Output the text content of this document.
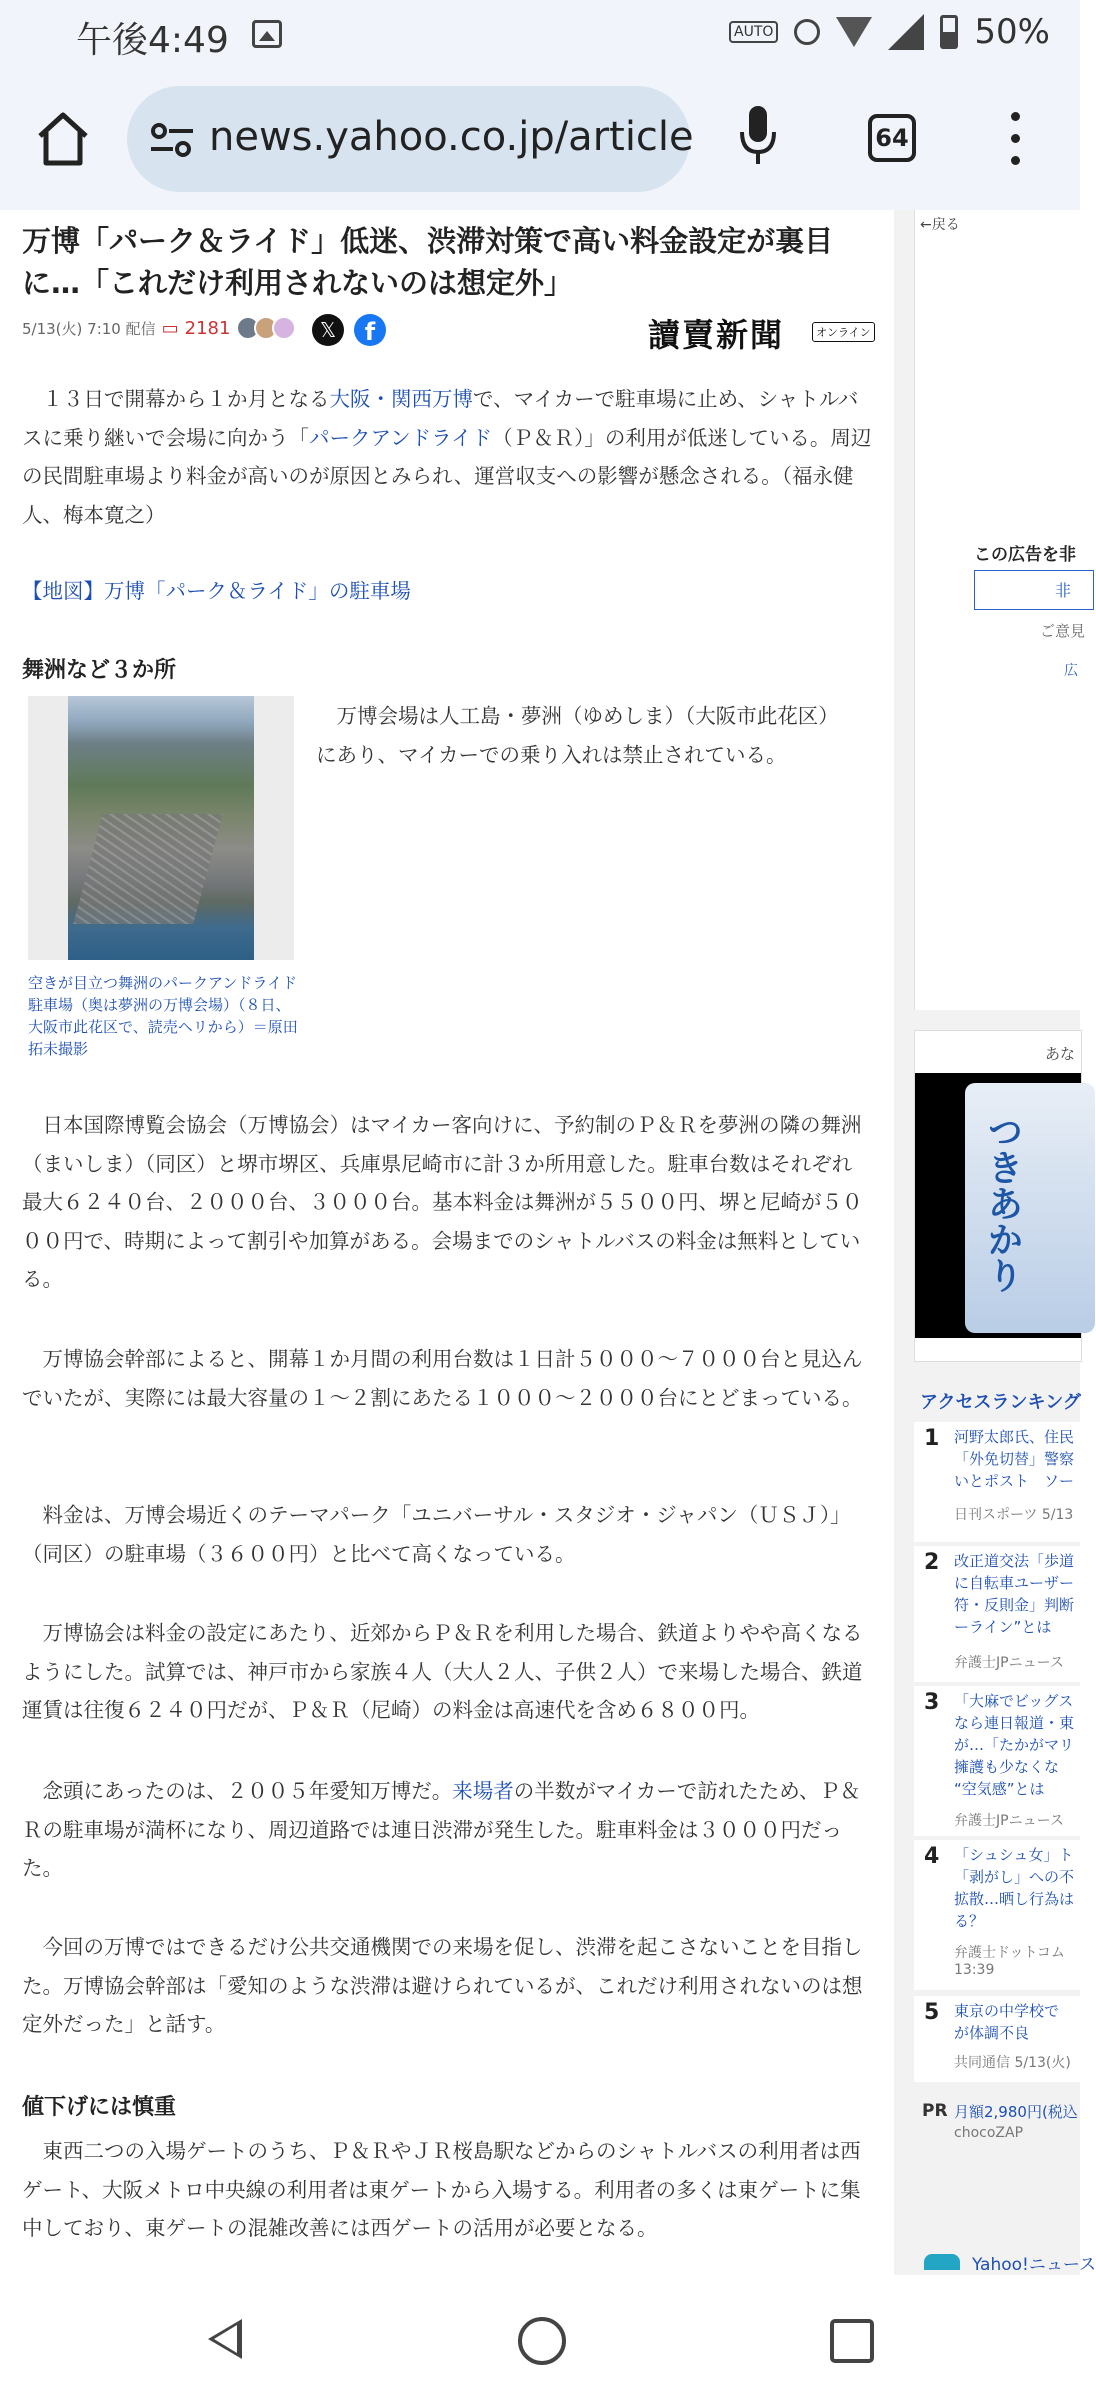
午後4:49	AUTO	50%
news.yahoo.co.jp/article	64
万博「パーク＆ライド」低迷、渋滞対策で高い料金設定が裏目に…「これだけ利用されないのは想定外」
5/13(火) 7:10 配信 ▭ 2181	𝕏	f	讀賣新聞	オンライン
１３日で開幕から１か月となる大阪・関西万博で、マイカーで駐車場に止め、シャトルバスに乗り継いで会場に向かう「パークアンドライド（Ｐ＆Ｒ）」の利用が低迷している。周辺の民間駐車場より料金が高いのが原因とみられ、運営収支への影響が懸念される。（福永健人、梅本寛之）
【地図】万博「パーク＆ライド」の駐車場
舞洲など３か所
万博会場は人工島・夢洲（ゆめしま）（大阪市此花区）にあり、マイカーでの乗り入れは禁止されている。
空きが目立つ舞洲のパークアンドライド駐車場（奥は夢洲の万博会場）（８日、大阪市此花区で、読売ヘリから）＝原田拓未撮影
日本国際博覧会協会（万博協会）はマイカー客向けに、予約制のＰ＆Ｒを夢洲の隣の舞洲（まいしま）（同区）と堺市堺区、兵庫県尼崎市に計３か所用意した。駐車台数はそれぞれ最大６２４０台、２０００台、３０００台。基本料金は舞洲が５５００円、堺と尼崎が５０００円で、時期によって割引や加算がある。会場までのシャトルバスの料金は無料としている。
万博協会幹部によると、開幕１か月間の利用台数は１日計５０００～７０００台と見込んでいたが、実際には最大容量の１～２割にあたる１０００～２０００台にとどまっている。
料金は、万博会場近くのテーマパーク「ユニバーサル・スタジオ・ジャパン（ＵＳＪ）」（同区）の駐車場（３６００円）と比べて高くなっている。
万博協会は料金の設定にあたり、近郊からＰ＆Ｒを利用した場合、鉄道よりやや高くなるようにした。試算では、神戸市から家族４人（大人２人、子供２人）で来場した場合、鉄道運賃は往復６２４０円だが、Ｐ＆Ｒ（尼崎）の料金は高速代を含め６８００円。
念頭にあったのは、２００５年愛知万博だ。来場者の半数がマイカーで訪れたため、Ｐ＆Ｒの駐車場が満杯になり、周辺道路では連日渋滞が発生した。駐車料金は３０００円だった。
今回の万博ではできるだけ公共交通機関での来場を促し、渋滞を起こさないことを目指した。万博協会幹部は「愛知のような渋滞は避けられているが、これだけ利用されないのは想定外だった」と話す。
値下げには慎重
東西二つの入場ゲートのうち、Ｐ＆ＲやＪＲ桜島駅などからのシャトルバスの利用者は西ゲート、大阪メトロ中央線の利用者は東ゲートから入場する。利用者の多くは東ゲートに集中しており、東ゲートの混雑改善には西ゲートの活用が必要となる。
←戻る
この広告を非
非
ご意見
広
あな
つきあかり
アクセスランキング
1 河野太郎氏、住民
「外免切替」警察
いとポスト　ソー
日刊スポーツ 5/13
2 改正道交法「歩道
に自転車ユーザー
符・反則金」判断
ーライン”とは
弁護士JPニュース
3 「大麻でビッグス
なら連日報道・東
が…「たかがマリ
擁護も少なくな
“空気感”とは
弁護士JPニュース
4 「シュシュ女」ト
「剥がし」への不
拡散…晒し行為は
る？
弁護士ドットコム
13:39
5 東京の中学校で
が体調不良
共同通信 5/13(火)
PR 月額2,980円(税込
chocoZAP
Yahoo!ニュース
